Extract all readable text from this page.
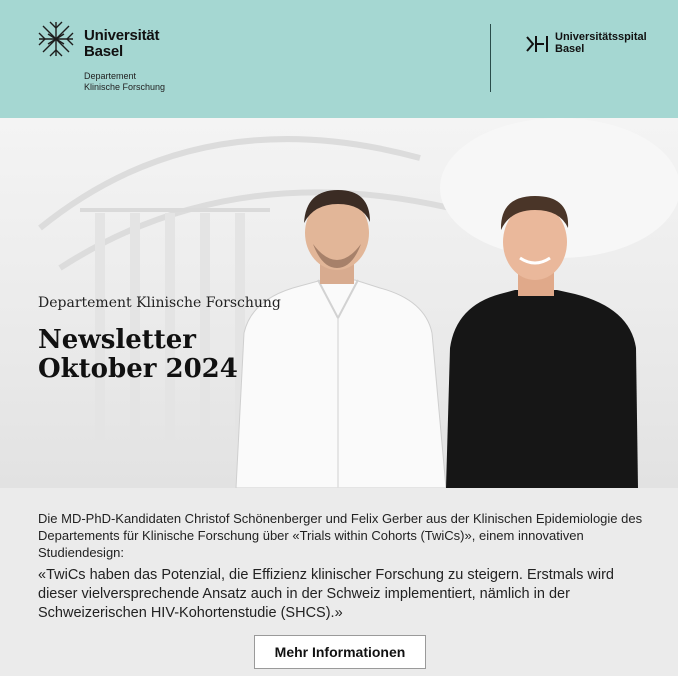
Universität
Basel
Departement
Klinische Forschung
Universitätsspital
Basel
Departement Klinische Forschung
Newsletter
Oktober 2024
Die MD-PhD-Kandidaten Christof Schönenberger und Felix Gerber aus der Klinischen Epidemiologie des Departements für Klinische Forschung über «Trials within Cohorts (TwiCs)», einem innovativen Studiendesign:
«TwiCs haben das Potenzial, die Effizienz klinischer Forschung zu steigern. Erstmals wird dieser vielversprechende Ansatz auch in der Schweiz implementiert, nämlich in der Schweizerischen HIV-Kohortenstudie (SHCS).»
Mehr Informationen
